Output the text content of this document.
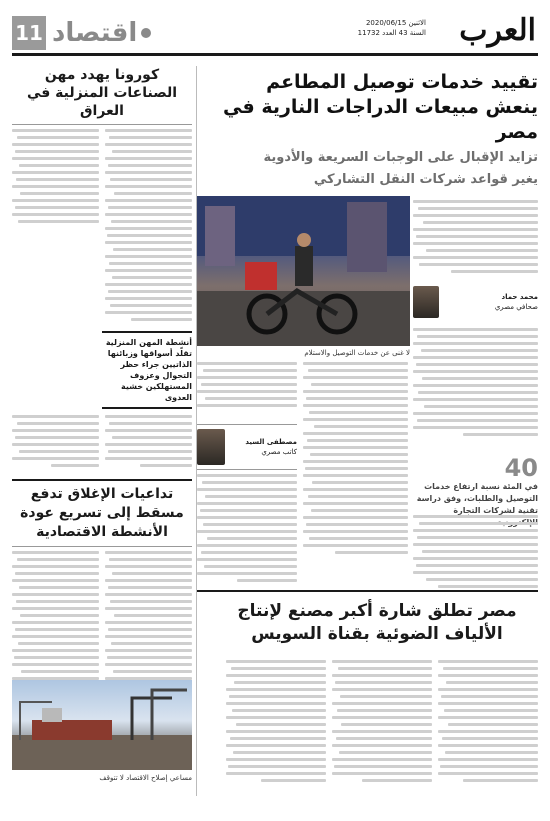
العرب
الاثنين 2020/06/15
السنة 43 العدد 11732
11 اقتصاد
تقييد خدمات توصيل المطاعم
ينعش مبيعات الدراجات النارية في مصر
تزايد الإقبال على الوجبات السريعة والأدوية
يغير قواعد شركات النقل التشاركي
لا غنى عن خدمات التوصيل والاستلام
محمد حماد
صحافي مصري
40
في المئة نسبة ارتفاع خدمات التوصيل والطلبات، وفق دراسة تقنية لشركات التجارة
مصطفى السيد
كاتب مصري
مصر تطلق شارة أكبر مصنع لإنتاج
الألياف الضوئية بقناة السويس
كورونا يهدد مهن الصناعات المنزلية في العراق
أنشطة المهن المنزلية تقلّد أسواقها وزبائنها الذاتيين جراء حظر التجوال وعزوف المستهلكين خشية العدوى
تداعيات الإغلاق تدفع مسقط إلى تسريع عودة الأنشطة الاقتصادية
مساعي إصلاح الاقتصاد لا تتوقف
